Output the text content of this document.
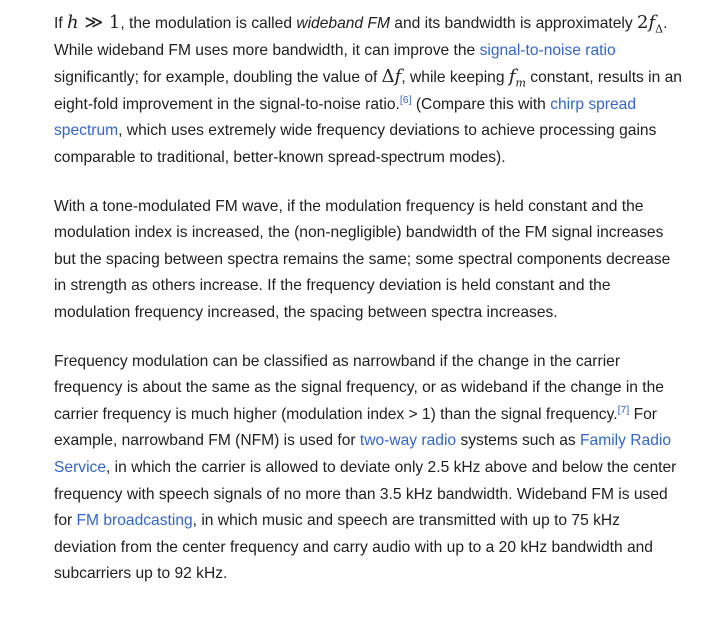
If h ≫ 1, the modulation is called wideband FM and its bandwidth is approximately $2f_\Delta$. While wideband FM uses more bandwidth, it can improve the signal-to-noise ratio significantly; for example, doubling the value of Δf, while keeping $f_m$ constant, results in an eight-fold improvement in the signal-to-noise ratio.[6] (Compare this with chirp spread spectrum, which uses extremely wide frequency deviations to achieve processing gains comparable to traditional, better-known spread-spectrum modes).

With a tone-modulated FM wave, if the modulation frequency is held constant and the modulation index is increased, the (non-negligible) bandwidth of the FM signal increases but the spacing between spectra remains the same; some spectral components decrease in strength as others increase. If the frequency deviation is held constant and the modulation frequency increased, the spacing between spectra increases.

Frequency modulation can be classified as narrowband if the change in the carrier frequency is about the same as the signal frequency, or as wideband if the change in the carrier frequency is much higher (modulation index > 1) than the signal frequency.[7] For example, narrowband FM (NFM) is used for two-way radio systems such as Family Radio Service, in which the carrier is allowed to deviate only 2.5 kHz above and below the center frequency with speech signals of no more than 3.5 kHz bandwidth. Wideband FM is used for FM broadcasting, in which music and speech are transmitted with up to 75 kHz deviation from the center frequency and carry audio with up to a 20 kHz bandwidth and subcarriers up to 92 kHz.
